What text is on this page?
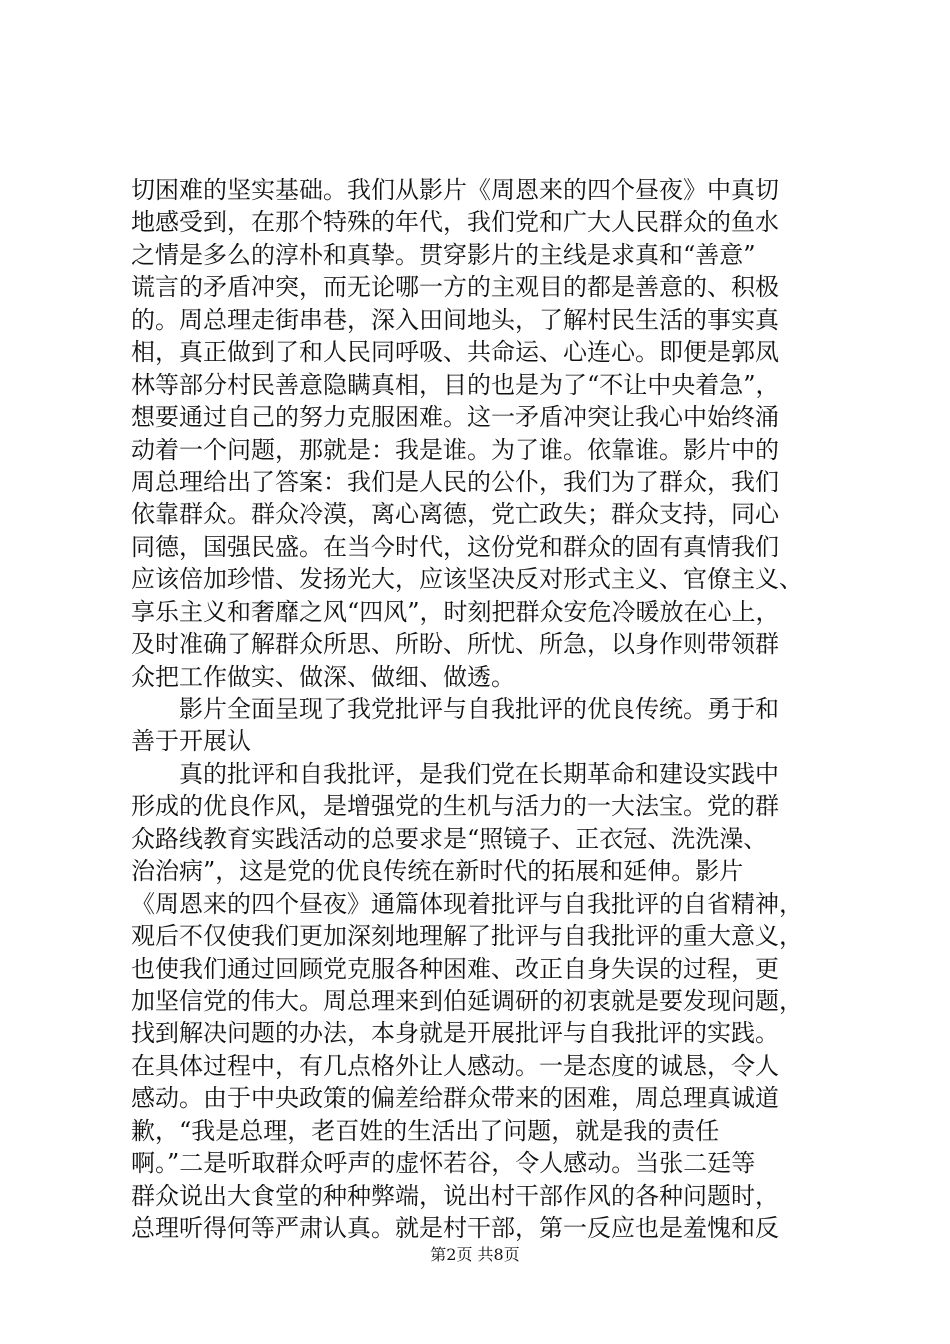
切困难的坚实基础。我们从影片《周恩来的四个昼夜》中真切
地感受到，在那个特殊的年代，我们党和广大人民群众的鱼水
之情是多么的淳朴和真挚。贯穿影片的主线是求真和“善意”
谎言的矛盾冲突，而无论哪一方的主观目的都是善意的、积极
的。周总理走街串巷，深入田间地头，了解村民生活的事实真
相，真正做到了和人民同呼吸、共命运、心连心。即便是郭凤
林等部分村民善意隐瞒真相，目的也是为了“不让中央着急”，
想要通过自己的努力克服困难。这一矛盾冲突让我心中始终涌
动着一个问题，那就是：我是谁。为了谁。依靠谁。影片中的
周总理给出了答案：我们是人民的公仆，我们为了群众，我们
依靠群众。群众冷漠，离心离德，党亡政失；群众支持，同心
同德，国强民盛。在当今时代，这份党和群众的固有真情我们
应该倍加珍惜、发扬光大，应该坚决反对形式主义、官僚主义、
享乐主义和奢靡之风“四风”，时刻把群众安危冷暖放在心上，
及时准确了解群众所思、所盼、所忧、所急，以身作则带领群
众把工作做实、做深、做细、做透。
影片全面呈现了我党批评与自我批评的优良传统。勇于和
善于开展认
真的批评和自我批评，是我们党在长期革命和建设实践中
形成的优良作风，是增强党的生机与活力的一大法宝。党的群
众路线教育实践活动的总要求是“照镜子、正衣冠、洗洗澡、
治治病”，这是党的优良传统在新时代的拓展和延伸。影片
《周恩来的四个昼夜》通篇体现着批评与自我批评的自省精神，
观后不仅使我们更加深刻地理解了批评与自我批评的重大意义，
也使我们通过回顾党克服各种困难、改正自身失误的过程，更
加坚信党的伟大。周总理来到伯延调研的初衷就是要发现问题，
找到解决问题的办法，本身就是开展批评与自我批评的实践。
在具体过程中，有几点格外让人感动。一是态度的诚恳，令人
感动。由于中央政策的偏差给群众带来的困难，周总理真诚道
歉，“我是总理，老百姓的生活出了问题，就是我的责任
啊。”二是听取群众呼声的虚怀若谷，令人感动。当张二廷等
群众说出大食堂的种种弊端，说出村干部作风的各种问题时，
总理听得何等严肃认真。就是村干部，第一反应也是羞愧和反
第2页 共8页
